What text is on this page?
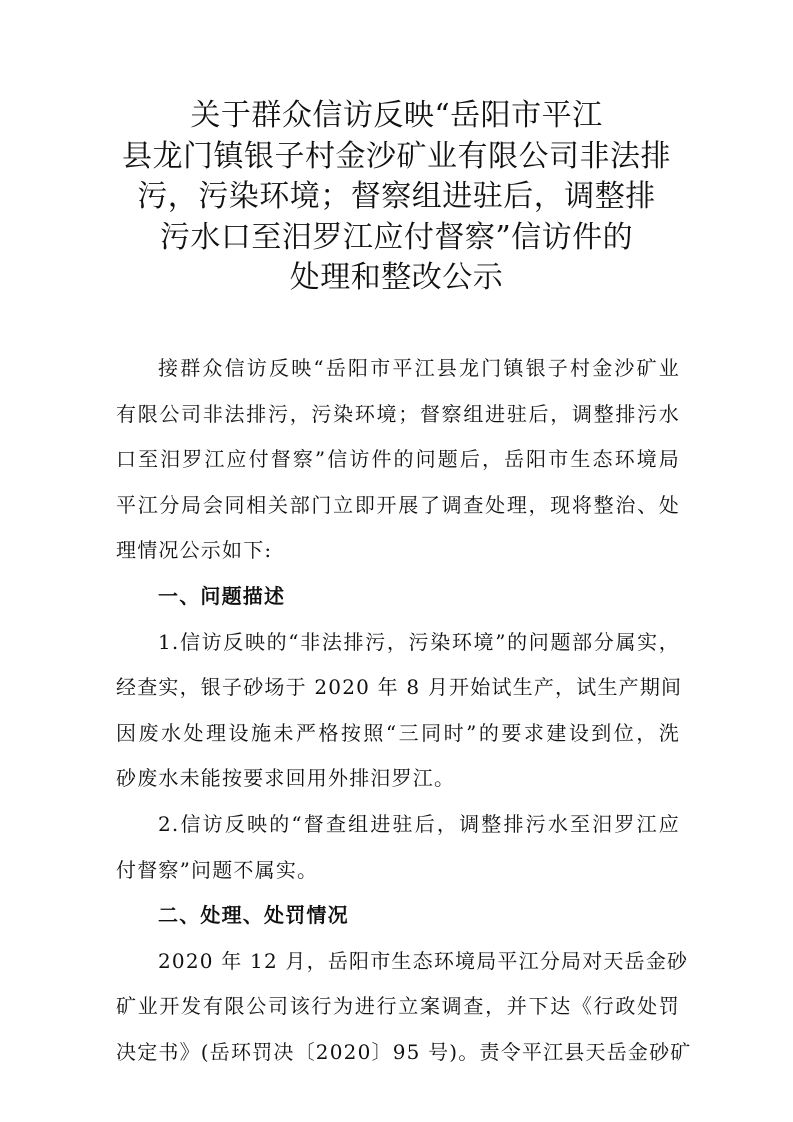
关于群众信访反映“岳阳市平江
县龙门镇银子村金沙矿业有限公司非法排
污，污染环境；督察组进驻后，调整排
污水口至汨罗江应付督察”信访件的
处理和整改公示
接群众信访反映“岳阳市平江县龙门镇银子村金沙矿业
有限公司非法排污，污染环境；督察组进驻后，调整排污水
口至汨罗江应付督察”信访件的问题后，岳阳市生态环境局
平江分局会同相关部门立即开展了调查处理，现将整治、处
理情况公示如下:
一、问题描述
1.信访反映的“非法排污，污染环境”的问题部分属实，
经查实，银子砂场于 2020 年 8 月开始试生产，试生产期间
因废水处理设施未严格按照“三同时”的要求建设到位，洗
砂废水未能按要求回用外排汨罗江。
2.信访反映的“督查组进驻后，调整排污水至汨罗江应
付督察”问题不属实。
二、处理、处罚情况
2020 年 12 月，岳阳市生态环境局平江分局对天岳金砂
矿业开发有限公司该行为进行立案调查，并下达《行政处罚
决定书》(岳环罚决〔2020〕95 号)。责令平江县天岳金砂矿
